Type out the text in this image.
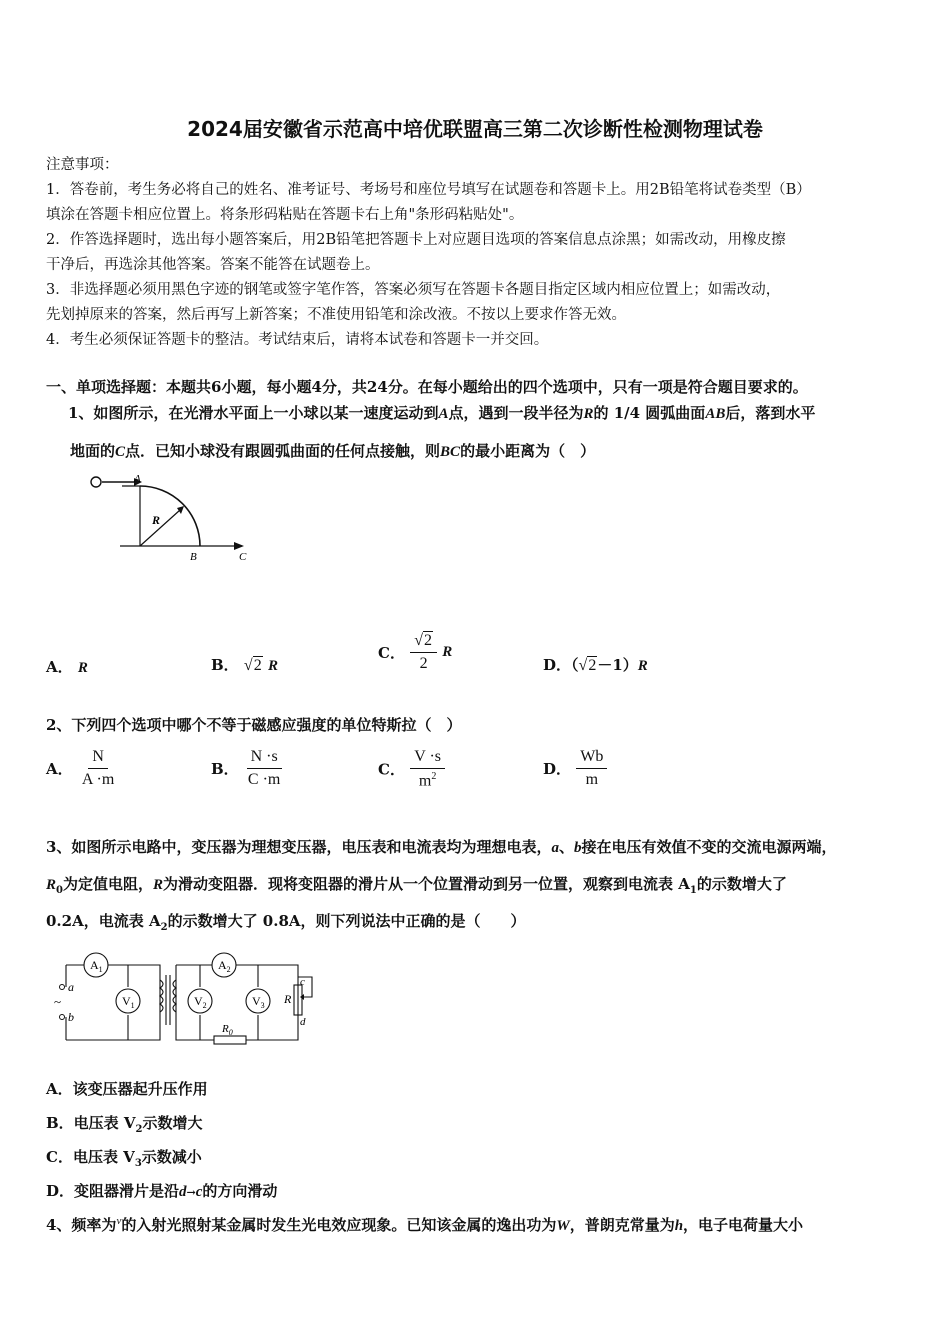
2024届安徽省示范高中培优联盟高三第二次诊断性检测物理试卷
注意事项：
1．答卷前，考生务必将自己的姓名、准考证号、考场号和座位号填写在试题卷和答题卡上。用2B铅笔将试卷类型（B）
填涂在答题卡相应位置上。将条形码粘贴在答题卡右上角"条形码粘贴处"。
2．作答选择题时，选出每小题答案后，用2B铅笔把答题卡上对应题目选项的答案信息点涂黑；如需改动，用橡皮擦
干净后，再选涂其他答案。答案不能答在试题卷上。
3．非选择题必须用黑色字迹的钢笔或签字笔作答，答案必须写在答题卡各题目指定区域内相应位置上；如需改动，
先划掉原来的答案，然后再写上新答案；不准使用铅笔和涂改液。不按以上要求作答无效。
4．考生必须保证答题卡的整洁。考试结束后，请将本试卷和答题卡一并交回。
一、单项选择题：本题共6小题，每小题4分，共24分。在每小题给出的四个选项中，只有一项是符合题目要求的。
1、如图所示，在光滑水平面上一小球以某一速度运动到A点，遇到一段半径为R的 1/4 圆弧曲面AB后，落到水平
地面的C点．已知小球没有跟圆弧曲面的任何点接触，则BC的最小距离为（　）
A
R
B	C
A． R	B． √2 R
C． $\frac{√2}{2}$ R
D．（√2－1）R
2、下列四个选项中哪个不等于磁感应强度的单位特斯拉（　）
A． $\frac{N}{A \cdot m}$	B． $\frac{N \cdot s}{C \cdot m}$	C． $\frac{V \cdot s}{m^2}$	D． $\frac{Wb}{m}$
3、如图所示电路中，变压器为理想变压器，电压表和电流表均为理想电表，a、b接在电压有效值不变的交流电源两端，
$R_0$为定值电阻，R为滑动变阻器．现将变阻器的滑片从一个位置滑动到另一位置，观察到电流表 $A_1$的示数增大了
0.2A，电流表 $A_2$的示数增大了 0.8A，则下列说法中正确的是（　　）
$A_1$	$A_2$
$V_1$	$V_2$	$V_3$
~
a
b
c
d
R
$R_0$
A．该变压器起升压作用
B．电压表 $V_2$示数增大
C．电压表 $V_3$示数减小
D．变阻器滑片是沿d→c的方向滑动
4、频率为$^\nu$的入射光照射某金属时发生光电效应现象。已知该金属的逸出功为W，普朗克常量为h，电子电荷量大小
